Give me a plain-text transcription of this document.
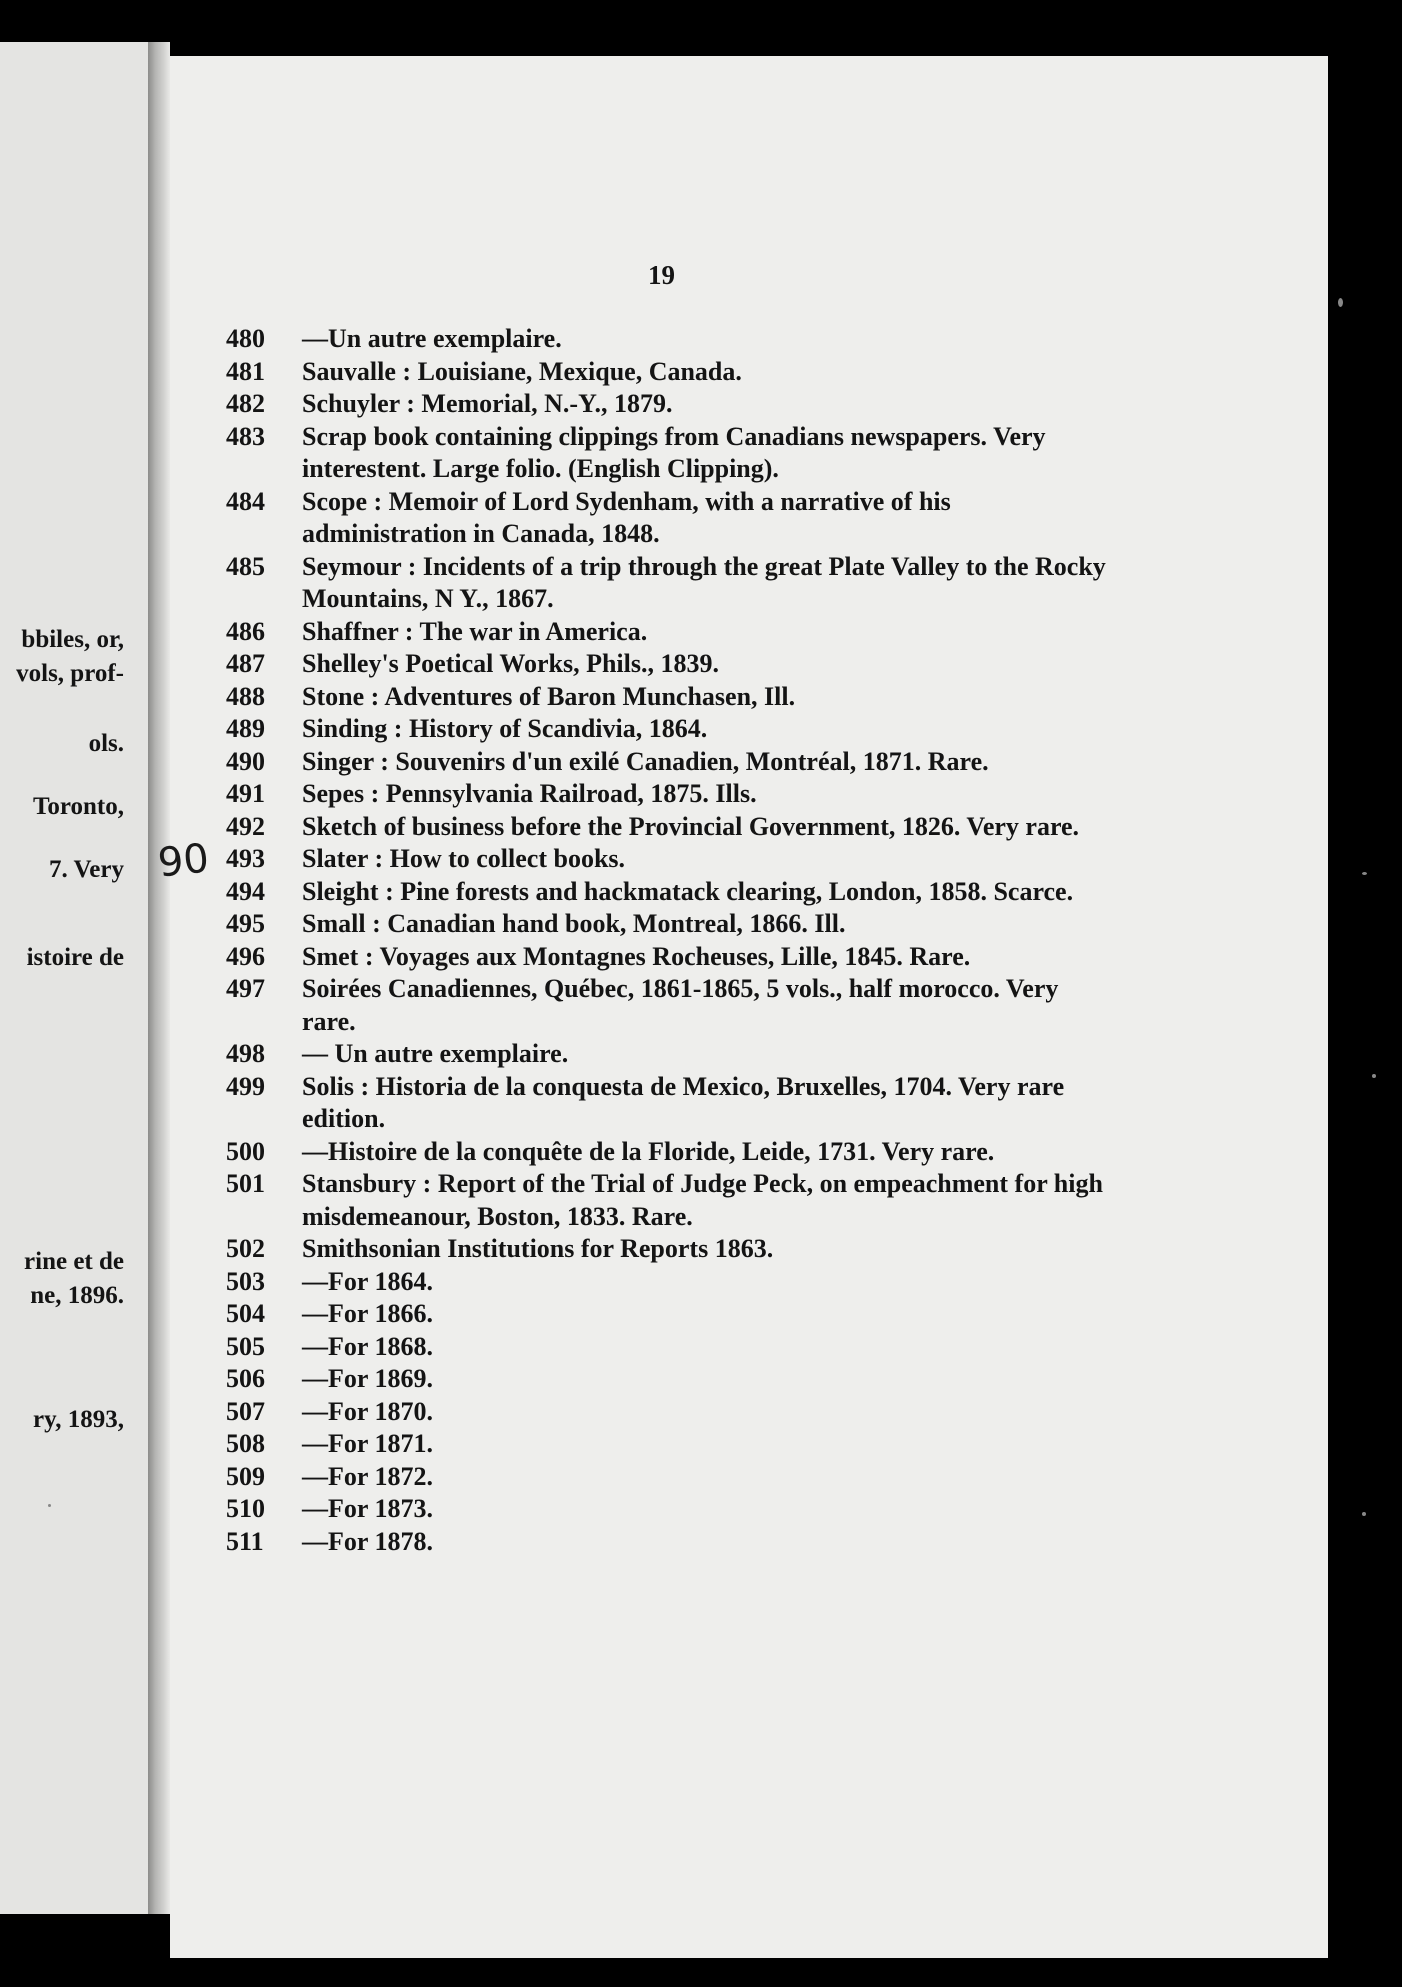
bbiles, or,
vols, prof-
ols.
Toronto,
7. Very
istoire de
rine et de
ne, 1896.
ry, 1893,
19
90
480	—Un autre exemplaire.
481	Sauvalle : Louisiane, Mexique, Canada.
482	Schuyler : Memorial, N.-Y., 1879.
483	Scrap book containing clippings from Canadians newspapers. Very interestent. Large folio. (English Clipping).
484	Scope : Memoir of Lord Sydenham, with a narrative of his administration in Canada, 1848.
485	Seymour : Incidents of a trip through the great Plate Valley to the Rocky Mountains, N Y., 1867.
486	Shaffner : The war in America.
487	Shelley's Poetical Works, Phils., 1839.
488	Stone : Adventures of Baron Munchasen, Ill.
489	Sinding : History of Scandivia, 1864.
490	Singer : Souvenirs d'un exilé Canadien, Montréal, 1871. Rare.
491	Sepes : Pennsylvania Railroad, 1875. Ills.
492	Sketch of business before the Provincial Government, 1826. Very rare.
493	Slater : How to collect books.
494	Sleight : Pine forests and hackmatack clearing, London, 1858. Scarce.
495	Small : Canadian hand book, Montreal, 1866. Ill.
496	Smet : Voyages aux Montagnes Rocheuses, Lille, 1845. Rare.
497	Soirées Canadiennes, Québec, 1861-1865, 5 vols., half morocco. Very rare.
498	— Un autre exemplaire.
499	Solis : Historia de la conquesta de Mexico, Bruxelles, 1704. Very rare edition.
500	—Histoire de la conquête de la Floride, Leide, 1731. Very rare.
501	Stansbury : Report of the Trial of Judge Peck, on empeachment for high misdemeanour, Boston, 1833. Rare.
502	Smithsonian Institutions for Reports 1863.
503	—For 1864.
504	—For 1866.
505	—For 1868.
506	—For 1869.
507	—For 1870.
508	—For 1871.
509	—For 1872.
510	—For 1873.
511	—For 1878.
